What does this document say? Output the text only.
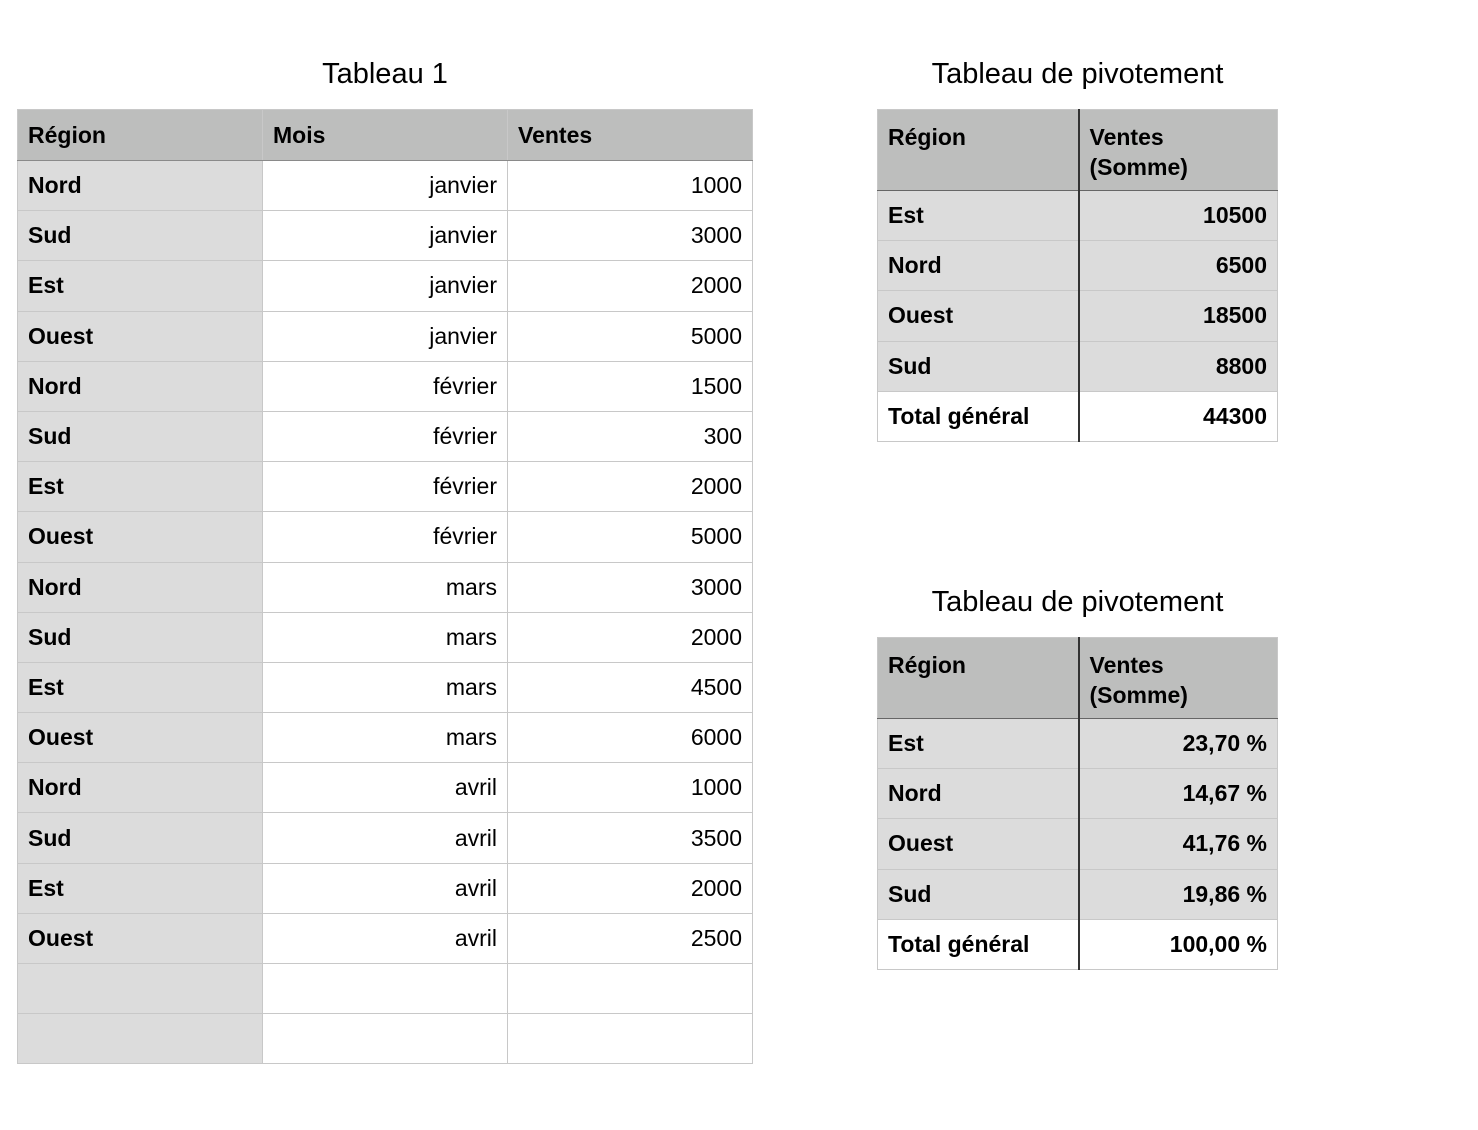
Tableau 1
Région	Mois	Ventes
Nord	janvier	1000
Sud	janvier	3000
Est	janvier	2000
Ouest	janvier	5000
Nord	février	1500
Sud	février	300
Est	février	2000
Ouest	février	5000
Nord	mars	3000
Sud	mars	2000
Est	mars	4500
Ouest	mars	6000
Nord	avril	1000
Sud	avril	3500
Est	avril	2000
Ouest	avril	2500

Tableau de pivotement
Région	Ventes
(Somme)
Est	10500
Nord	6500
Ouest	18500
Sud	8800
Total général	44300
Tableau de pivotement
Région	Ventes
(Somme)
Est	23,70 %
Nord	14,67 %
Ouest	41,76 %
Sud	19,86 %
Total général	100,00 %
